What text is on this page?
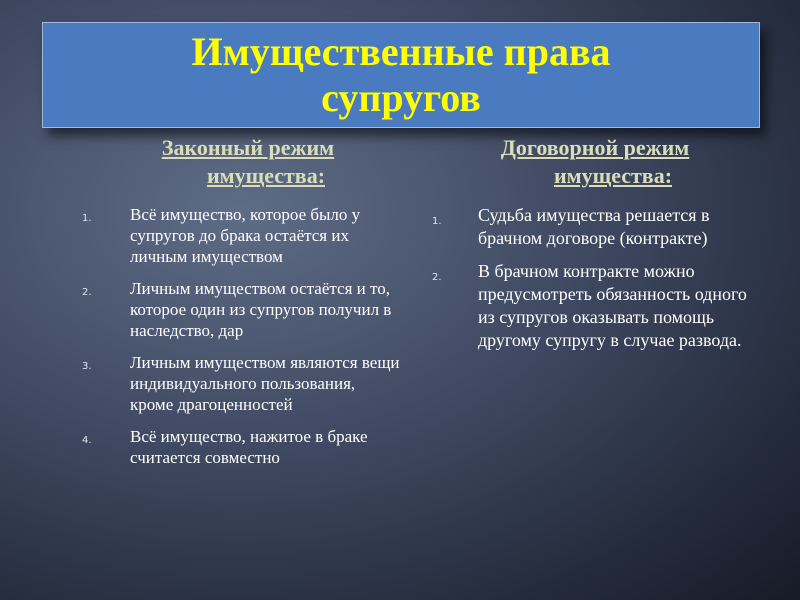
Имущественные права супругов
Законный режим
имущества:
1. Всё имущество, которое было у супругов до брака остаётся их личным имуществом
2. Личным имуществом остаётся и то, которое один из супругов получил в наследство, дар
3. Личным имуществом являются вещи индивидуального пользования, кроме драгоценностей
4. Всё имущество, нажитое в браке считается совместно
Договорной режим
имущества:
1. Судьба имущества решается в брачном договоре (контракте)
2. В брачном контракте можно предусмотреть обязанность одного из супругов оказывать помощь другому супругу в случае развода.
